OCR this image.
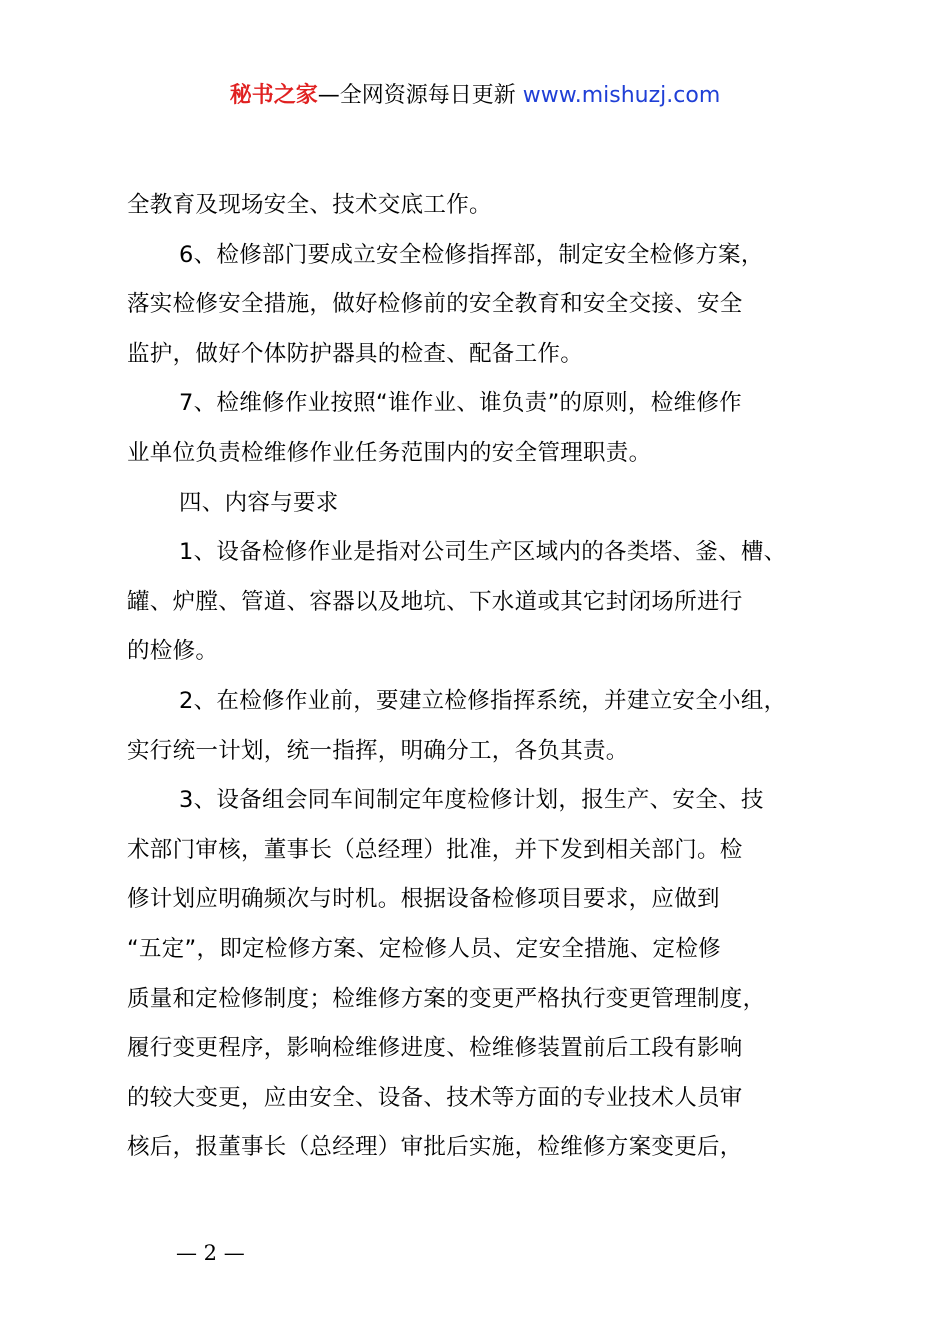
秘书之家—全网资源每日更新 www.mishuzj.com
全教育及现场安全、技术交底工作。
6、检修部门要成立安全检修指挥部，制定安全检修方案，
落实检修安全措施，做好检修前的安全教育和安全交接、安全
监护，做好个体防护器具的检查、配备工作。
7、检维修作业按照“谁作业、谁负责”的原则，检维修作
业单位负责检维修作业任务范围内的安全管理职责。
四、内容与要求
1、设备检修作业是指对公司生产区域内的各类塔、釜、槽、
罐、炉膛、管道、容器以及地坑、下水道或其它封闭场所进行
的检修。
2、在检修作业前，要建立检修指挥系统，并建立安全小组，
实行统一计划，统一指挥，明确分工，各负其责。
3、设备组会同车间制定年度检修计划，报生产、安全、技
术部门审核，董事长（总经理）批准，并下发到相关部门。检
修计划应明确频次与时机。根据设备检修项目要求，应做到
“五定”，即定检修方案、定检修人员、定安全措施、定检修
质量和定检修制度；检维修方案的变更严格执行变更管理制度，
履行变更程序，影响检维修进度、检维修装置前后工段有影响
的较大变更，应由安全、设备、技术等方面的专业技术人员审
核后，报董事长（总经理）审批后实施，检维修方案变更后，
— 2 —
